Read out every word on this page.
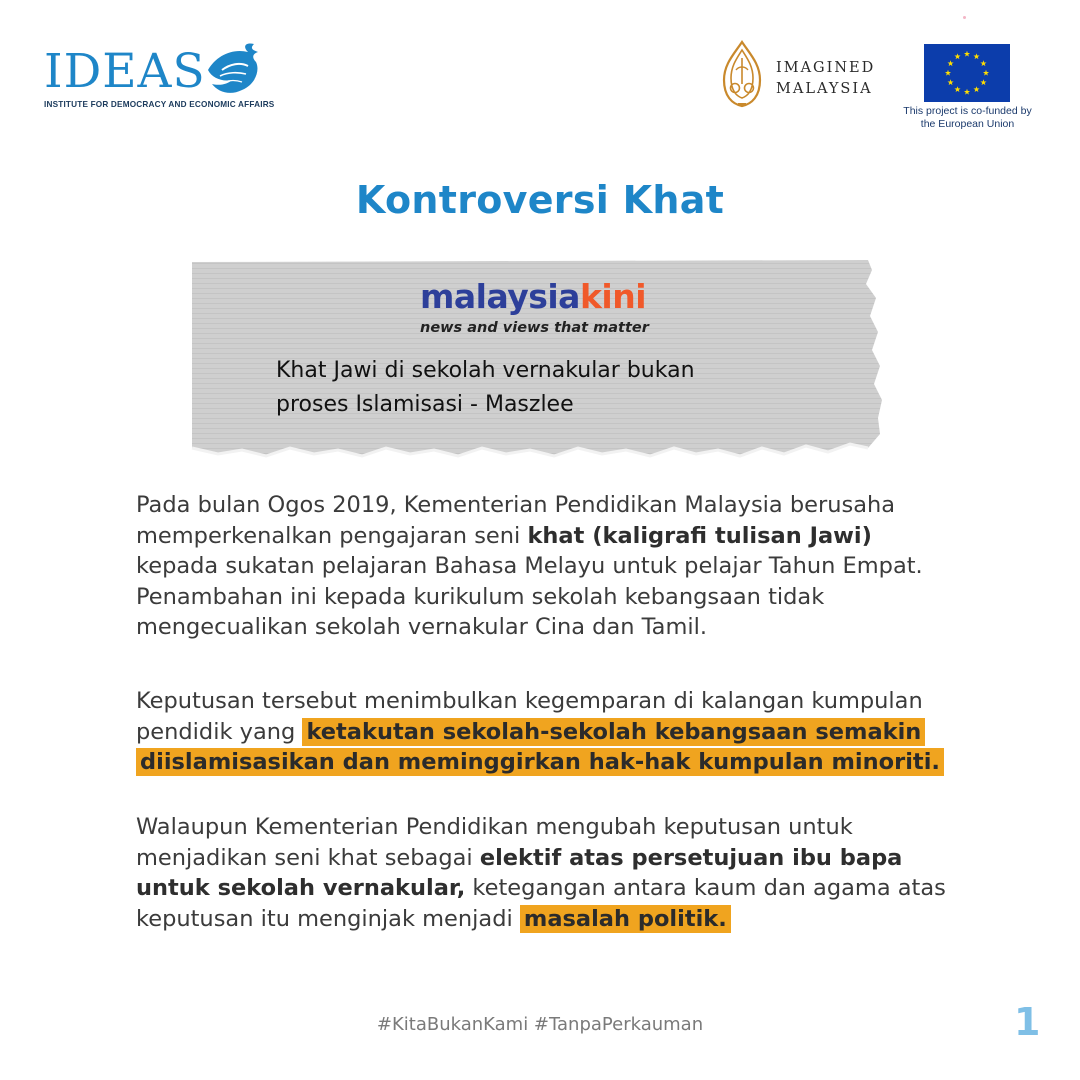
IDEAS
INSTITUTE FOR DEMOCRACY AND ECONOMIC AFFAIRS
IMAGINED
MALAYSIA
This project is co-funded by
the European Union
Kontroversi Khat
malaysiakini
news and views that matter
Khat Jawi di sekolah vernakular bukan
proses Islamisasi - Maszlee
Pada bulan Ogos 2019, Kementerian Pendidikan Malaysia berusaha memperkenalkan pengajaran seni khat (kaligrafi tulisan Jawi) kepada sukatan pelajaran Bahasa Melayu untuk pelajar Tahun Empat. Penambahan ini kepada kurikulum sekolah kebangsaan tidak mengecualikan sekolah vernakular Cina dan Tamil.
Keputusan tersebut menimbulkan kegemparan di kalangan kumpulan pendidik yang ketakutan sekolah-sekolah kebangsaan semakin diislamisasikan dan meminggirkan hak-hak kumpulan minoriti.
Walaupun Kementerian Pendidikan mengubah keputusan untuk menjadikan seni khat sebagai elektif atas persetujuan ibu bapa untuk sekolah vernakular, ketegangan antara kaum dan agama atas keputusan itu menginjak menjadi masalah politik.
#KitaBukanKami #TanpaPerkauman	1
